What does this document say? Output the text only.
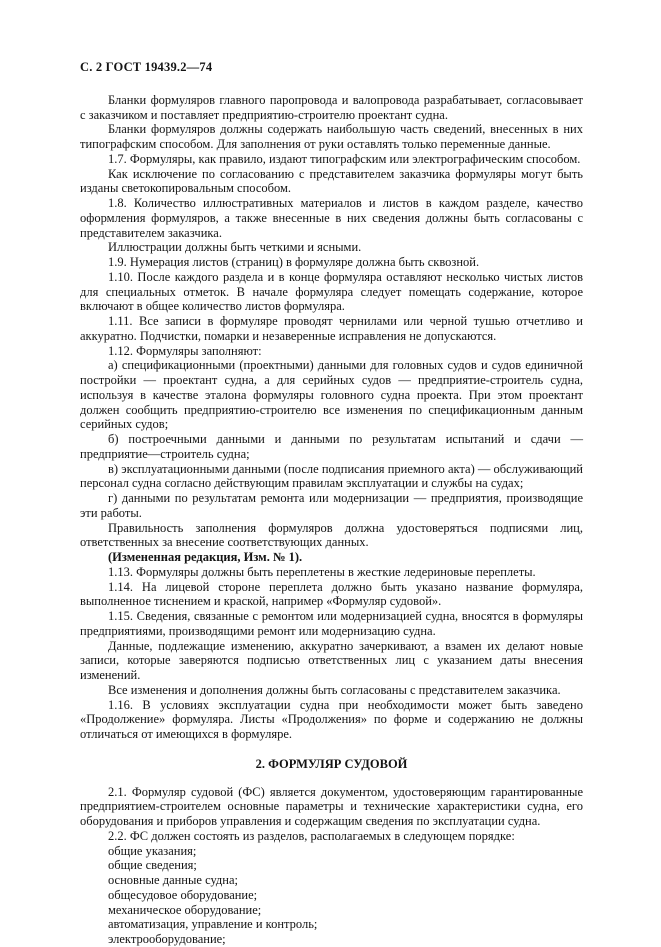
С. 2 ГОСТ 19439.2—74

Бланки формуляров главного паропровода и валопровода разрабатывает, согласовывает с заказчиком и поставляет предприятию-строителю проектант судна.

Бланки формуляров должны содержать наибольшую часть сведений, внесенных в них типографским способом. Для заполнения от руки оставлять только переменные данные.

1.7. Формуляры, как правило, издают типографским или электрографическим способом.

Как исключение по согласованию с представителем заказчика формуляры могут быть изданы светокопировальным способом.

1.8. Количество иллюстративных материалов и листов в каждом разделе, качество оформления формуляров, а также внесенные в них сведения должны быть согласованы с представителем заказчика.

Иллюстрации должны быть четкими и ясными.

1.9. Нумерация листов (страниц) в формуляре должна быть сквозной.

1.10. После каждого раздела и в конце формуляра оставляют несколько чистых листов для специальных отметок. В начале формуляра следует помещать содержание, которое включают в общее количество листов формуляра.

1.11. Все записи в формуляре проводят чернилами или черной тушью отчетливо и аккуратно. Подчистки, помарки и незаверенные исправления не допускаются.

1.12. Формуляры заполняют:

а) спецификационными (проектными) данными для головных судов и судов единичной постройки — проектант судна, а для серийных судов — предприятие-строитель судна, используя в качестве эталона формуляры головного судна проекта. При этом проектант должен сообщить предприятию-строителю все изменения по спецификационным данным серийных судов;

б) построечными данными и данными по результатам испытаний и сдачи — предприятие—строитель судна;

в) эксплуатационными данными (после подписания приемного акта) — обслуживающий персонал судна согласно действующим правилам эксплуатации и службы на судах;

г) данными по результатам ремонта или модернизации — предприятия, производящие эти работы.

Правильность заполнения формуляров должна удостоверяться подписями лиц, ответственных за внесение соответствующих данных.

(Измененная редакция, Изм. № 1).

1.13. Формуляры должны быть переплетены в жесткие ледериновые переплеты.

1.14. На лицевой стороне переплета должно быть указано название формуляра, выполненное тиснением и краской, например «Формуляр судовой».

1.15. Сведения, связанные с ремонтом или модернизацией судна, вносятся в формуляры предприятиями, производящими ремонт или модернизацию судна.

Данные, подлежащие изменению, аккуратно зачеркивают, а взамен их делают новые записи, которые заверяются подписью ответственных лиц с указанием даты внесения изменений.

Все изменения и дополнения должны быть согласованы с представителем заказчика.

1.16. В условиях эксплуатации судна при необходимости может быть заведено «Продолжение» формуляра. Листы «Продолжения» по форме и содержанию не должны отличаться от имеющихся в формуляре.

2. ФОРМУЛЯР СУДОВОЙ

2.1. Формуляр судовой (ФС) является документом, удостоверяющим гарантированные предприятием-строителем основные параметры и технические характеристики судна, его оборудования и приборов управления и содержащим сведения по эксплуатации судна.

2.2. ФС должен состоять из разделов, располагаемых в следующем порядке:

общие указания;

общие сведения;

основные данные судна;

общесудовое оборудование;

механическое оборудование;

автоматизация, управление и контроль;

электрооборудование;
